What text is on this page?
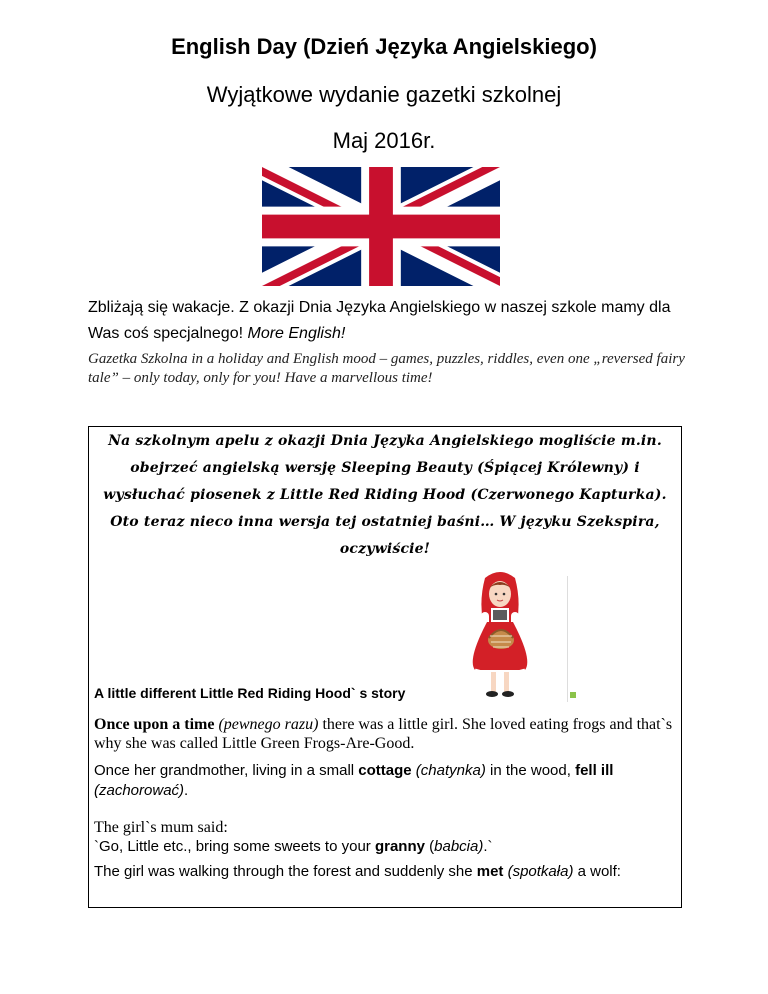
English Day (Dzień Języka Angielskiego)
Wyjątkowe wydanie gazetki szkolnej
Maj 2016r.
Zbliżają się wakacje. Z okazji Dnia Języka Angielskiego w naszej szkole mamy dla Was coś specjalnego! More English!
Gazetka Szkolna in a holiday and English mood – games, puzzles, riddles, even one „reversed fairy tale” – only today, only for you! Have a marvellous time!
Na szkolnym apelu z okazji Dnia Języka Angielskiego mogliście m.in. obejrzeć angielską wersję Sleeping Beauty (Śpiącej Królewny) i wysłuchać piosenek z Little Red Riding Hood (Czerwonego Kapturka). Oto teraz nieco inna wersja tej ostatniej baśni… W języku Szekspira, oczywiście!
A little different Little Red Riding Hood` s story
Once upon a time (pewnego razu) there was a little girl. She loved eating frogs and that`s why she was called Little Green Frogs-Are-Good.
Once her grandmother, living in a small cottage (chatynka) in the wood, fell ill
(zachorować).
The girl`s mum said:
`Go, Little etc., bring some sweets to your granny (babcia).`
The girl was walking through the forest and suddenly she met (spotkała) a wolf:
